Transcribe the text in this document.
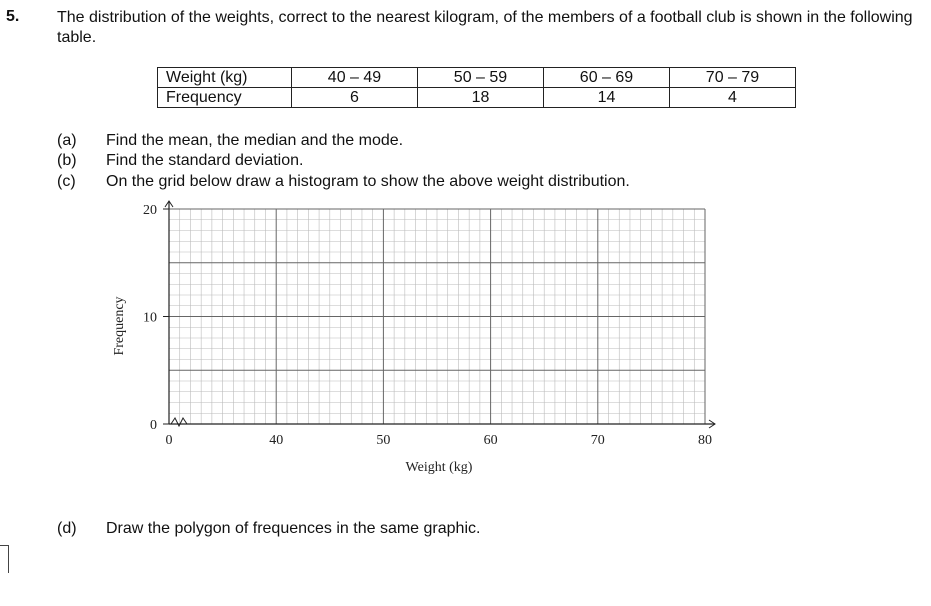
5. The distribution of the weights, correct to the nearest kilogram, of the members of a football club is shown in the following table.
Weight (kg)	40 – 49	50 – 59	60 – 69	70 – 79
Frequency	6	18	14	4
(a) Find the mean, the median and the mode.
(b) Find the standard deviation.
(c) On the grid below draw a histogram to show the above weight distribution.
(d) Draw the polygon of frequences in the same graphic.
0	40	50	60	70	80
0
10
20
Weight (kg)
Frequency
